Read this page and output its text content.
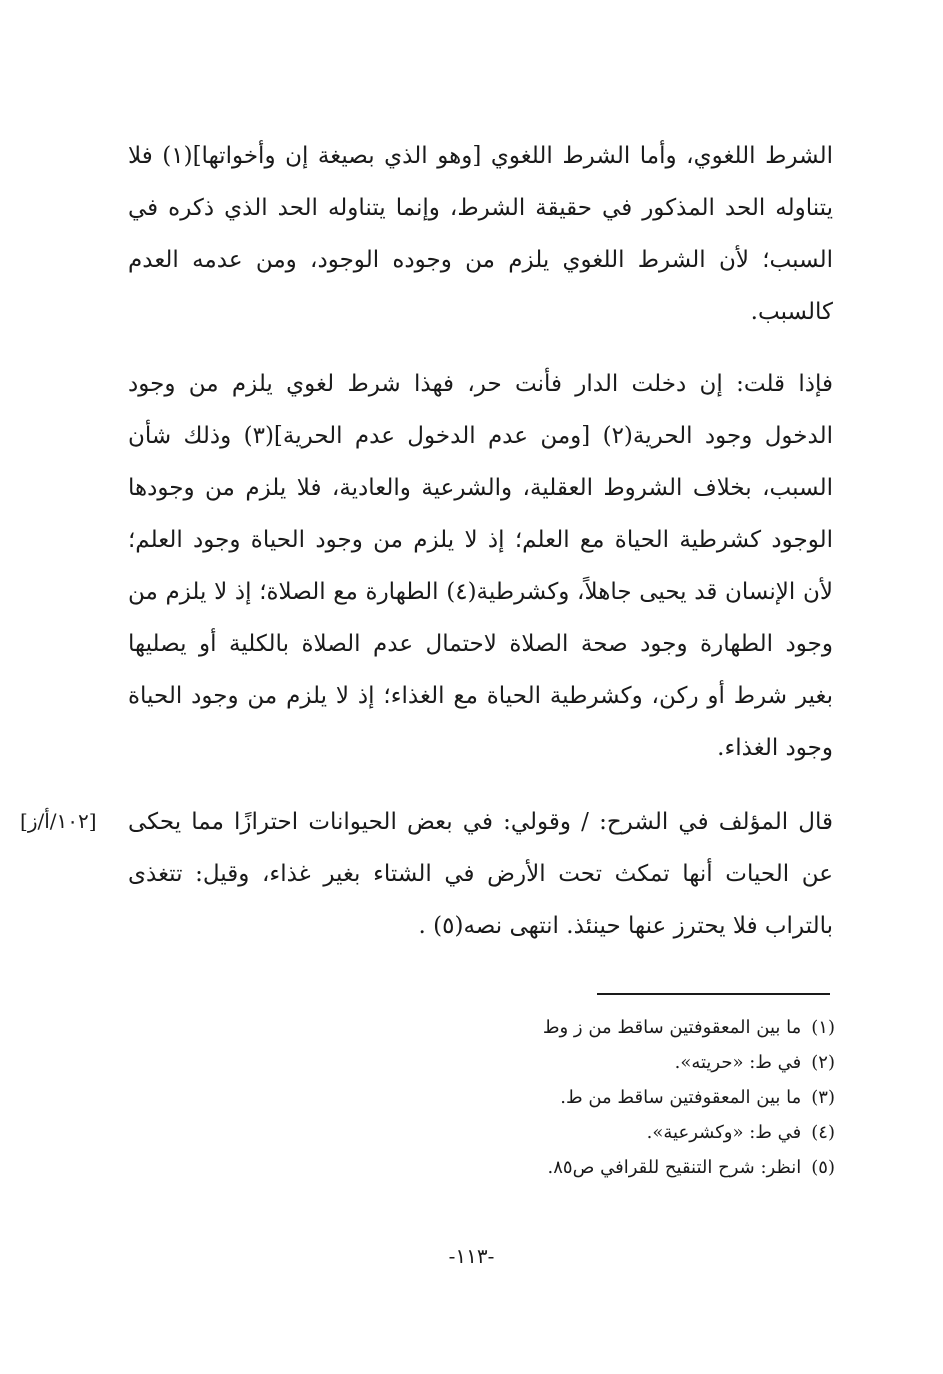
الشرط اللغوي، وأما الشرط اللغوي [وهو الذي بصيغة إن وأخواتها](١) فلا
يتناوله الحد المذكور في حقيقة الشرط، وإنما يتناوله الحد الذي ذكره في
السبب؛ لأن الشرط اللغوي يلزم من وجوده الوجود، ومن عدمه العدم
كالسبب.
فإذا قلت: إن دخلت الدار فأنت حر، فهذا شرط لغوي يلزم من وجود
الدخول وجود الحرية(٢) [ومن عدم الدخول عدم الحرية](٣) وذلك شأن
السبب، بخلاف الشروط العقلية، والشرعية والعادية، فلا يلزم من وجودها
الوجود كشرطية الحياة مع العلم؛ إذ لا يلزم من وجود الحياة وجود العلم؛
لأن الإنسان قد يحيى جاهلاً، وكشرطية(٤) الطهارة مع الصلاة؛ إذ لا يلزم من
وجود الطهارة وجود صحة الصلاة لاحتمال عدم الصلاة بالكلية أو يصليها
بغير شرط أو ركن، وكشرطية الحياة مع الغذاء؛ إذ لا يلزم من وجود الحياة
وجود الغذاء.
قال المؤلف في الشرح: / وقولي: في بعض الحيوانات احترازًا مما يحكى
عن الحيات أنها تمكث تحت الأرض في الشتاء بغير غذاء، وقيل: تتغذى
بالتراب فلا يحترز عنها حينئذ. انتهى نصه(٥) .
[١٠٢/أ/ز]
(١)ما بين المعقوفتين ساقط من ز وط
(٢)في ط: «حريته».
(٣)ما بين المعقوفتين ساقط من ط.
(٤)في ط: «وكشرعية».
(٥)انظر: شرح التنقيح للقرافي ص٨٥.
-١١٣-
